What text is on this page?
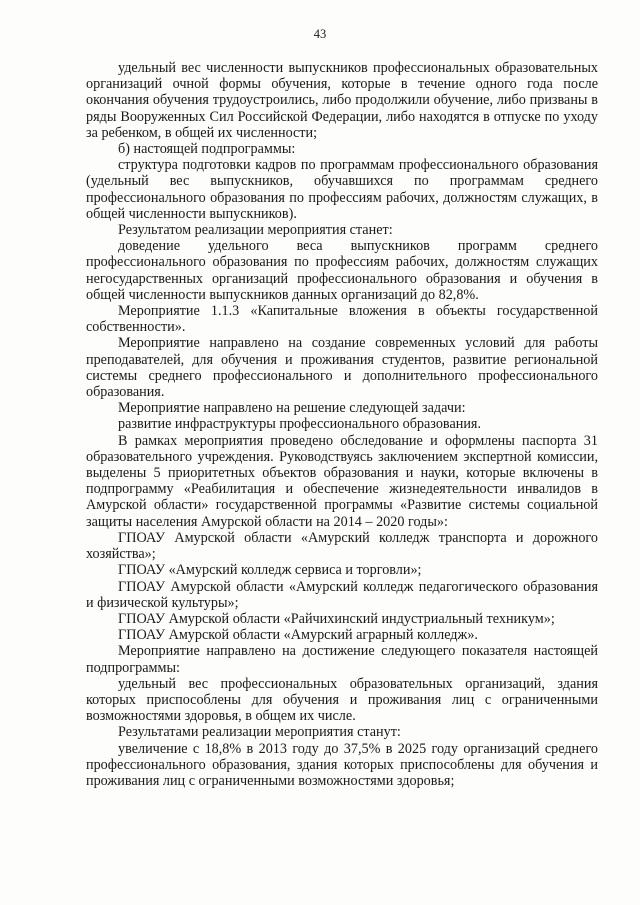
43

удельный вес численности выпускников профессиональных образовательных организаций очной формы обучения, которые в течение одного года после окончания обучения трудоустроились, либо продолжили обучение, либо призваны в ряды Вооруженных Сил Российской Федерации, либо находятся в отпуске по уходу за ребенком, в общей их численности;

б) настоящей подпрограммы:

структура подготовки кадров по программам профессионального образования (удельный вес выпускников, обучавшихся по программам среднего профессионального образования по профессиям рабочих, должностям служащих, в общей численности выпускников).

Результатом реализации мероприятия станет:

доведение удельного веса выпускников программ среднего профессионального образования по профессиям рабочих, должностям служащих негосударственных организаций профессионального образования и обучения в общей численности выпускников данных организаций до 82,8%.

Мероприятие 1.1.3 «Капитальные вложения в объекты государственной собственности».

Мероприятие направлено на создание современных условий для работы преподавателей, для обучения и проживания студентов, развитие региональной системы среднего профессионального и дополнительного профессионального образования.

Мероприятие направлено на решение следующей задачи:

развитие инфраструктуры профессионального образования.

В рамках мероприятия проведено обследование и оформлены паспорта 31 образовательного учреждения. Руководствуясь заключением экспертной комиссии, выделены 5 приоритетных объектов образования и науки, которые включены в подпрограмму «Реабилитация и обеспечение жизнедеятельности инвалидов в Амурской области» государственной программы «Развитие системы социальной защиты населения Амурской области на 2014 – 2020 годы»:

ГПОАУ Амурской области «Амурский колледж транспорта и дорожного хозяйства»;

ГПОАУ «Амурский колледж сервиса и торговли»;

ГПОАУ Амурской области «Амурский колледж педагогического образования и физической культуры»;

ГПОАУ Амурской области «Райчихинский индустриальный техникум»;

ГПОАУ Амурской области «Амурский аграрный колледж».

Мероприятие направлено на достижение следующего показателя настоящей подпрограммы:

удельный вес профессиональных образовательных организаций, здания которых приспособлены для обучения и проживания лиц с ограниченными возможностями здоровья, в общем их числе.

Результатами реализации мероприятия станут:

увеличение с 18,8% в 2013 году до 37,5% в 2025 году организаций среднего профессионального образования, здания которых приспособлены для обучения и проживания лиц с ограниченными возможностями здоровья;
